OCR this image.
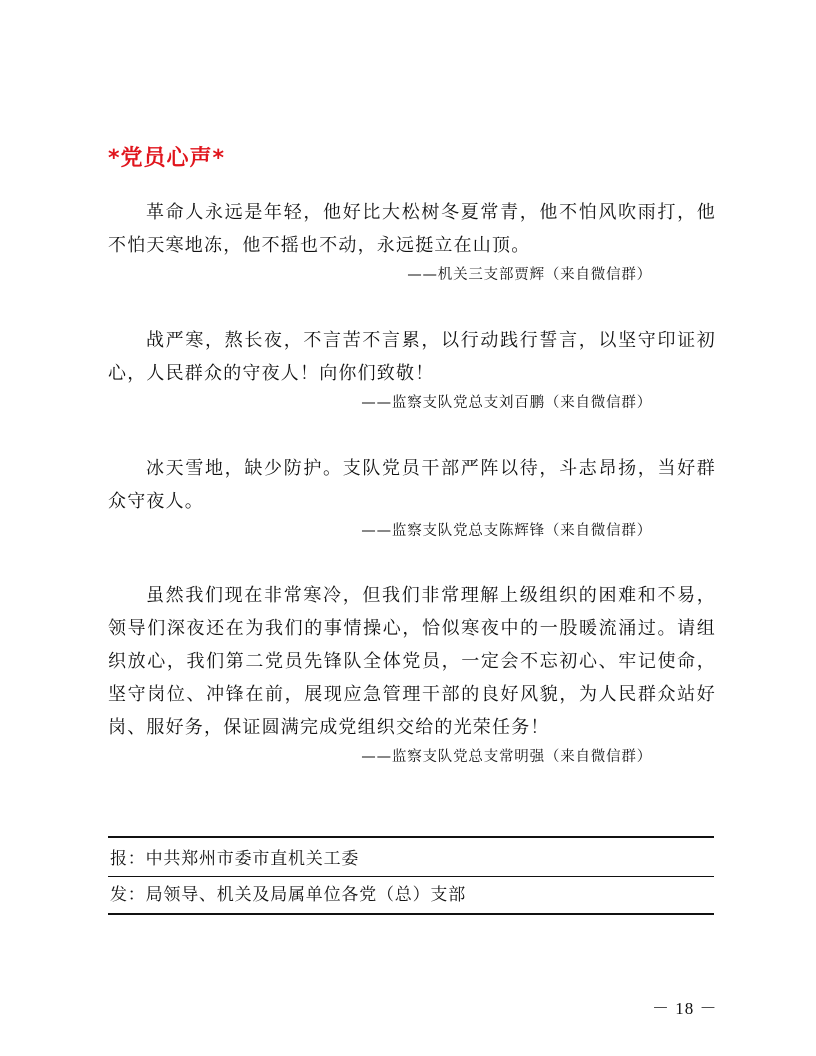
*党员心声*

革命人永远是年轻，他好比大松树冬夏常青，他不怕风吹雨打，他不怕天寒地冻，他不摇也不动，永远挺立在山顶。

——机关三支部贾辉（来自微信群）

战严寒，熬长夜，不言苦不言累，以行动践行誓言，以坚守印证初心，人民群众的守夜人！向你们致敬！

——监察支队党总支刘百鹏（来自微信群）

冰天雪地，缺少防护。支队党员干部严阵以待，斗志昂扬，当好群众守夜人。

——监察支队党总支陈辉锋（来自微信群）

虽然我们现在非常寒冷，但我们非常理解上级组织的困难和不易，领导们深夜还在为我们的事情操心，恰似寒夜中的一股暖流涌过。请组织放心，我们第二党员先锋队全体党员，一定会不忘初心、牢记使命，坚守岗位、冲锋在前，展现应急管理干部的良好风貌，为人民群众站好岗、服好务，保证圆满完成党组织交给的光荣任务！

——监察支队党总支常明强（来自微信群）
报：中共郑州市委市直机关工委
发：局领导、机关及局属单位各党（总）支部
－ 18 －
